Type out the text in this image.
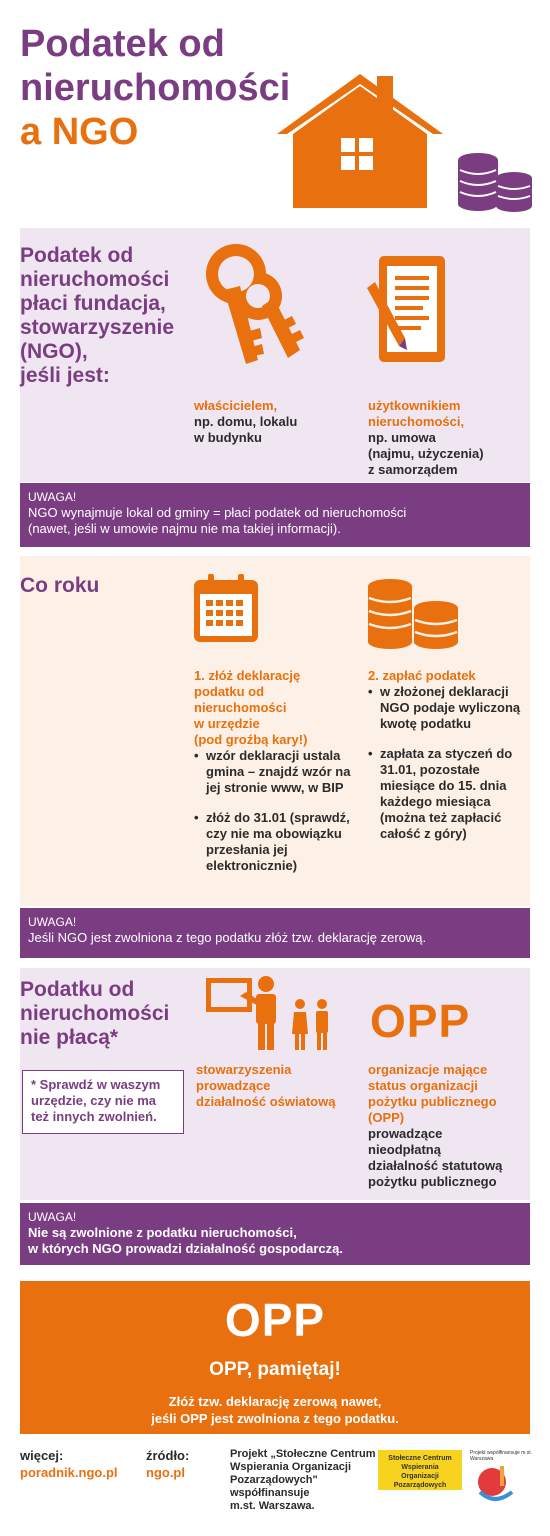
Podatek od
nieruchomości
a NGO
Podatek od
nieruchomości
płaci fundacja,
stowarzyszenie
(NGO),
jeśli jest:
właścicielem,
np. domu, lokalu
w budynku
użytkownikiem
nieruchomości,
np. umowa
(najmu, użyczenia)
z samorządem
UWAGA!
NGO wynajmuje lokal od gminy = płaci podatek od nieruchomości
(nawet, jeśli w umowie najmu nie ma takiej informacji).
Co roku
1. złóż deklarację
podatku od
nieruchomości
w urzędzie
(pod groźbą kary!)
• wzór deklaracji ustala gmina – znajdź wzór na jej stronie www, w BIP
• złóż do 31.01 (sprawdź, czy nie ma obowiązku przesłania jej elektronicznie)
2. zapłać podatek
• w złożonej deklaracji NGO podaje wyliczoną kwotę podatku
• zapłata za styczeń do 31.01, pozostałe miesiące do 15. dnia każdego miesiąca (można też zapłacić całość z góry)
UWAGA!
Jeśli NGO jest zwolniona z tego podatku złóż tzw. deklarację zerową.
Podatku od
nieruchomości
nie płacą*
* Sprawdź w waszym urzędzie, czy nie ma też innych zwolnień.
OPP
stowarzyszenia
prowadzące
działalność oświatową
organizacje mające
status organizacji
pożytku publicznego
(OPP)
prowadzące
nieodpłatną
działalność statutową
pożytku publicznego
UWAGA!
Nie są zwolnione z podatku nieruchomości,
w których NGO prowadzi działalność gospodarczą.
OPP
OPP, pamiętaj!
Złóż tzw. deklarację zerową nawet,
jeśli OPP jest zwolniona z tego podatku.
więcej:
poradnik.ngo.pl
źródło:
ngo.pl
Projekt „Stołeczne Centrum
Wspierania Organizacji
Pozarządowych"
współfinansuje
m.st. Warszawa.
Stołeczne Centrum
Wspierania Organizacji
Pozarządowych
Projekt współfinansuje m.st. Warszawa
